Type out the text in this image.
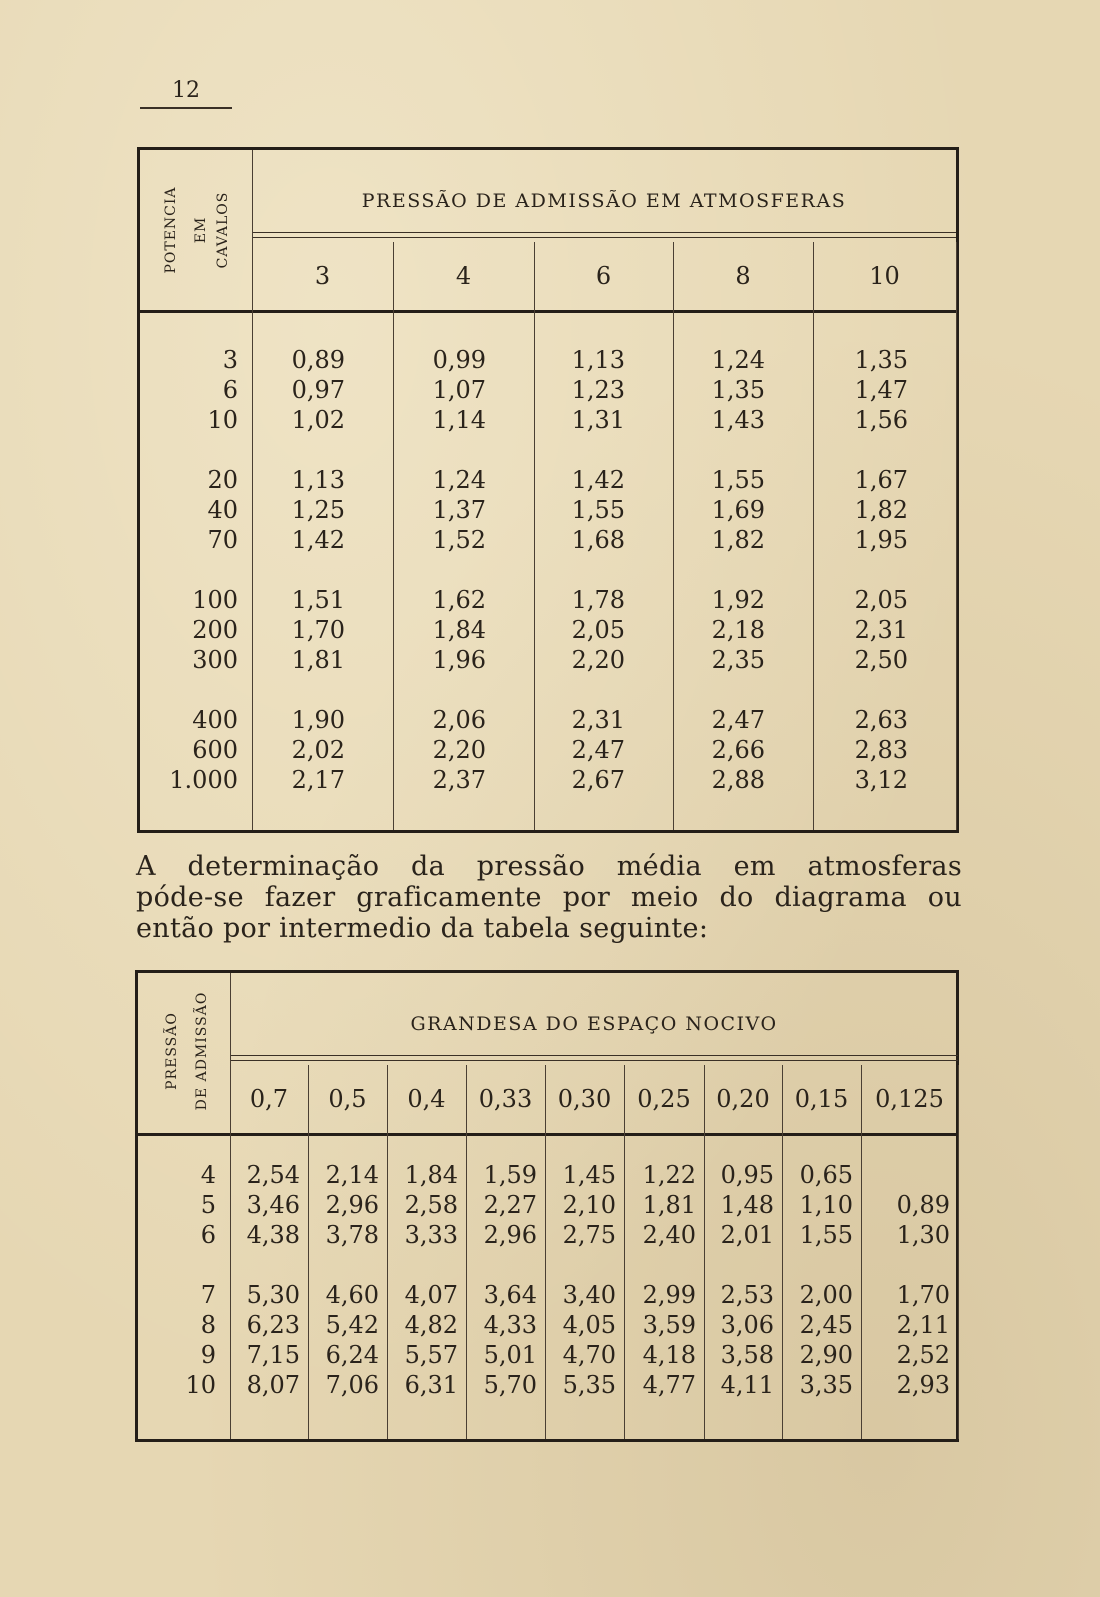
12
POTENCIA EM CAVALOS	PRESSÃO DE ADMISSÃO EM ATMOSFERAS
3	4	6	8	10
3	0,89	0,99	1,13	1,24	1,35
6	0,97	1,07	1,23	1,35	1,47
10	1,02	1,14	1,31	1,43	1,56
20	1,13	1,24	1,42	1,55	1,67
40	1,25	1,37	1,55	1,69	1,82
70	1,42	1,52	1,68	1,82	1,95
100	1,51	1,62	1,78	1,92	2,05
200	1,70	1,84	2,05	2,18	2,31
300	1,81	1,96	2,20	2,35	2,50
400	1,90	2,06	2,31	2,47	2,63
600	2,02	2,20	2,47	2,66	2,83
1.000	2,17	2,37	2,67	2,88	3,12
A determinação da pressão média em atmosferas
póde-se fazer graficamente por meio do diagrama ou
então por intermedio da tabela seguinte:
PRESSÃO DE ADMISSÃO	GRANDESA DO ESPAÇO NOCIVO
0,7	0,5	0,4	0,33	0,30	0,25	0,20	0,15	0,125
4	2,54	2,14	1,84	1,59	1,45	1,22	0,95	0,65
5	3,46	2,96	2,58	2,27	2,10	1,81	1,48	1,10	0,89
6	4,38	3,78	3,33	2,96	2,75	2,40	2,01	1,55	1,30
7	5,30	4,60	4,07	3,64	3,40	2,99	2,53	2,00	1,70
8	6,23	5,42	4,82	4,33	4,05	3,59	3,06	2,45	2,11
9	7,15	6,24	5,57	5,01	4,70	4,18	3,58	2,90	2,52
10	8,07	7,06	6,31	5,70	5,35	4,77	4,11	3,35	2,93
